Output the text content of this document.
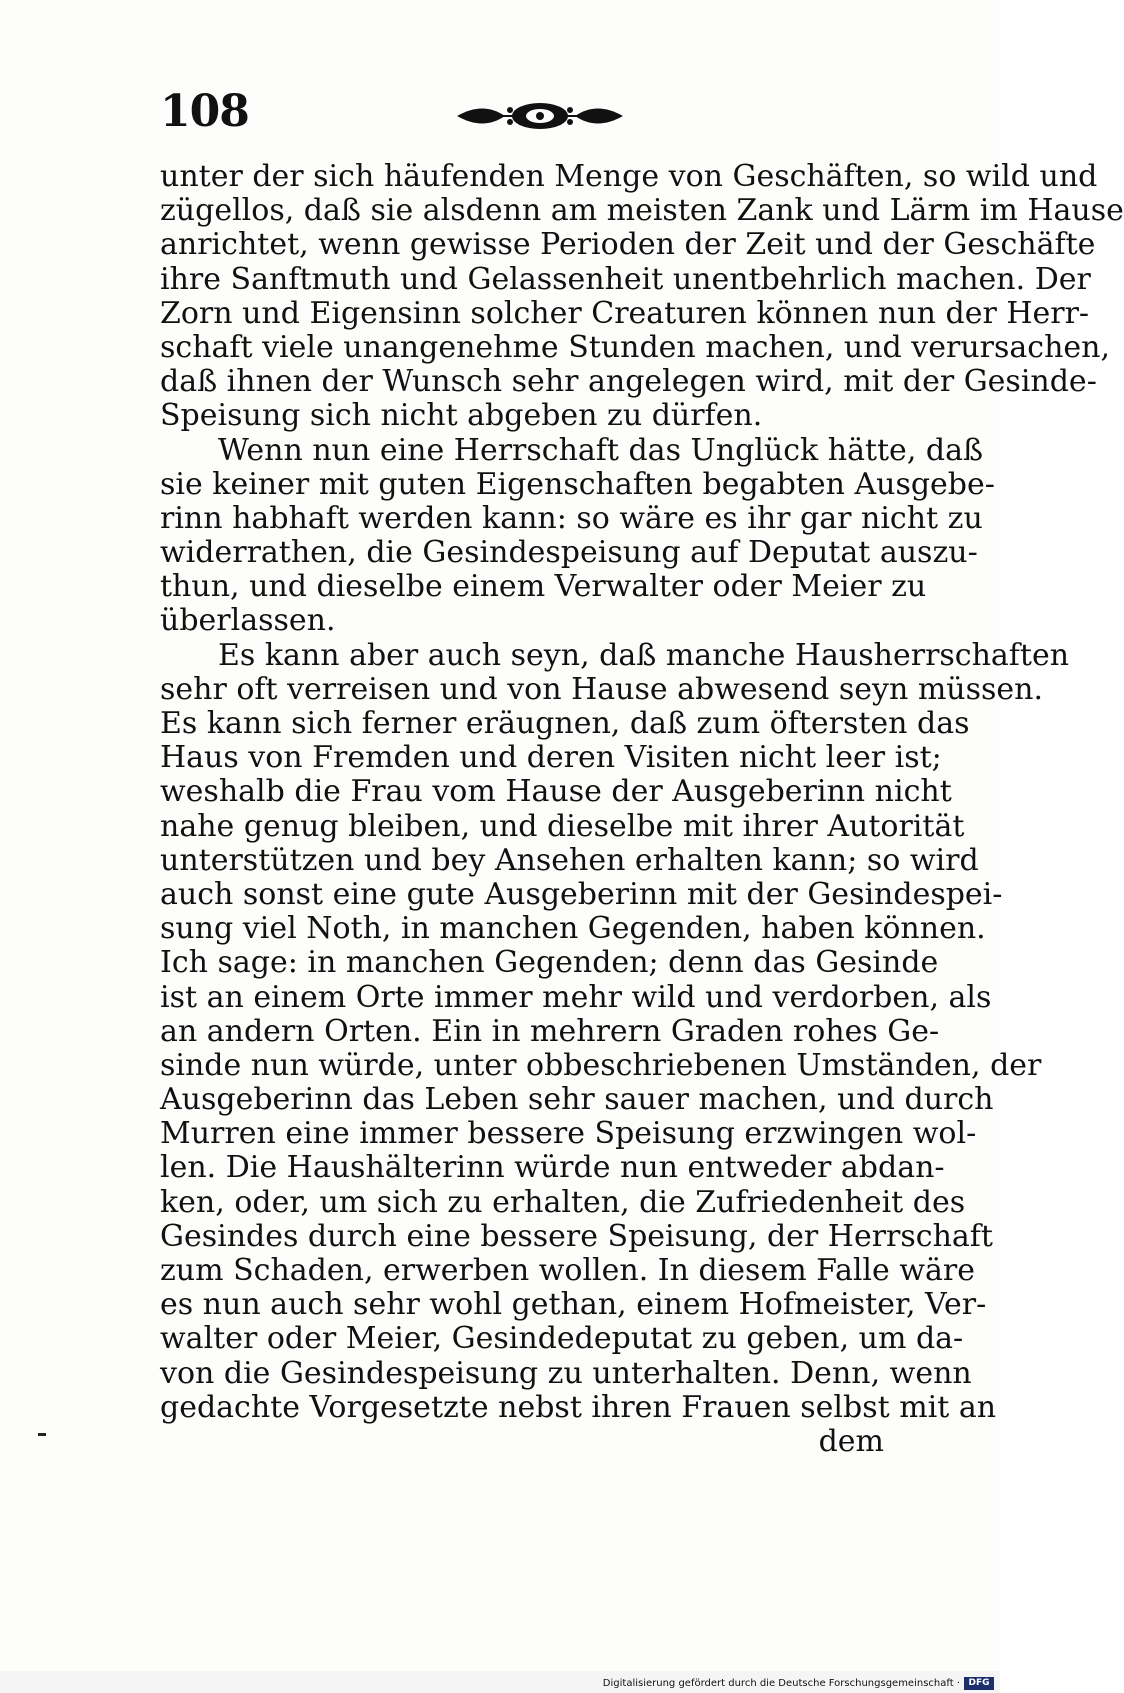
108
unter der sich häufenden Menge von Geschäften, so wild und
zügellos, daß sie alsdenn am meisten Zank und Lärm im Hause
anrichtet, wenn gewisse Perioden der Zeit und der Geschäfte
ihre Sanftmuth und Gelassenheit unentbehrlich machen. Der
Zorn und Eigensinn solcher Creaturen können nun der Herr-
schaft viele unangenehme Stunden machen, und verursachen,
daß ihnen der Wunsch sehr angelegen wird, mit der Gesinde-
Speisung sich nicht abgeben zu dürfen.
Wenn nun eine Herrschaft das Unglück hätte, daß
sie keiner mit guten Eigenschaften begabten Ausgebe-
rinn habhaft werden kann: so wäre es ihr gar nicht zu
widerrathen, die Gesindespeisung auf Deputat auszu-
thun, und dieselbe einem Verwalter oder Meier zu
überlassen.
Es kann aber auch seyn, daß manche Hausherrschaften
sehr oft verreisen und von Hause abwesend seyn müssen.
Es kann sich ferner eräugnen, daß zum öftersten das
Haus von Fremden und deren Visiten nicht leer ist;
weshalb die Frau vom Hause der Ausgeberinn nicht
nahe genug bleiben, und dieselbe mit ihrer Autorität
unterstützen und bey Ansehen erhalten kann; so wird
auch sonst eine gute Ausgeberinn mit der Gesindespei-
sung viel Noth, in manchen Gegenden, haben können.
Ich sage: in manchen Gegenden; denn das Gesinde
ist an einem Orte immer mehr wild und verdorben, als
an andern Orten. Ein in mehrern Graden rohes Ge-
sinde nun würde, unter obbeschriebenen Umständen, der
Ausgeberinn das Leben sehr sauer machen, und durch
Murren eine immer bessere Speisung erzwingen wol-
len. Die Haushälterinn würde nun entweder abdan-
ken, oder, um sich zu erhalten, die Zufriedenheit des
Gesindes durch eine bessere Speisung, der Herrschaft
zum Schaden, erwerben wollen. In diesem Falle wäre
es nun auch sehr wohl gethan, einem Hofmeister, Ver-
walter oder Meier, Gesindedeputat zu geben, um da-
von die Gesindespeisung zu unterhalten. Denn, wenn
gedachte Vorgesetzte nebst ihren Frauen selbst mit an
dem
Digitalisierung gefördert durch die Deutsche Forschungsgemeinschaft · DFG
